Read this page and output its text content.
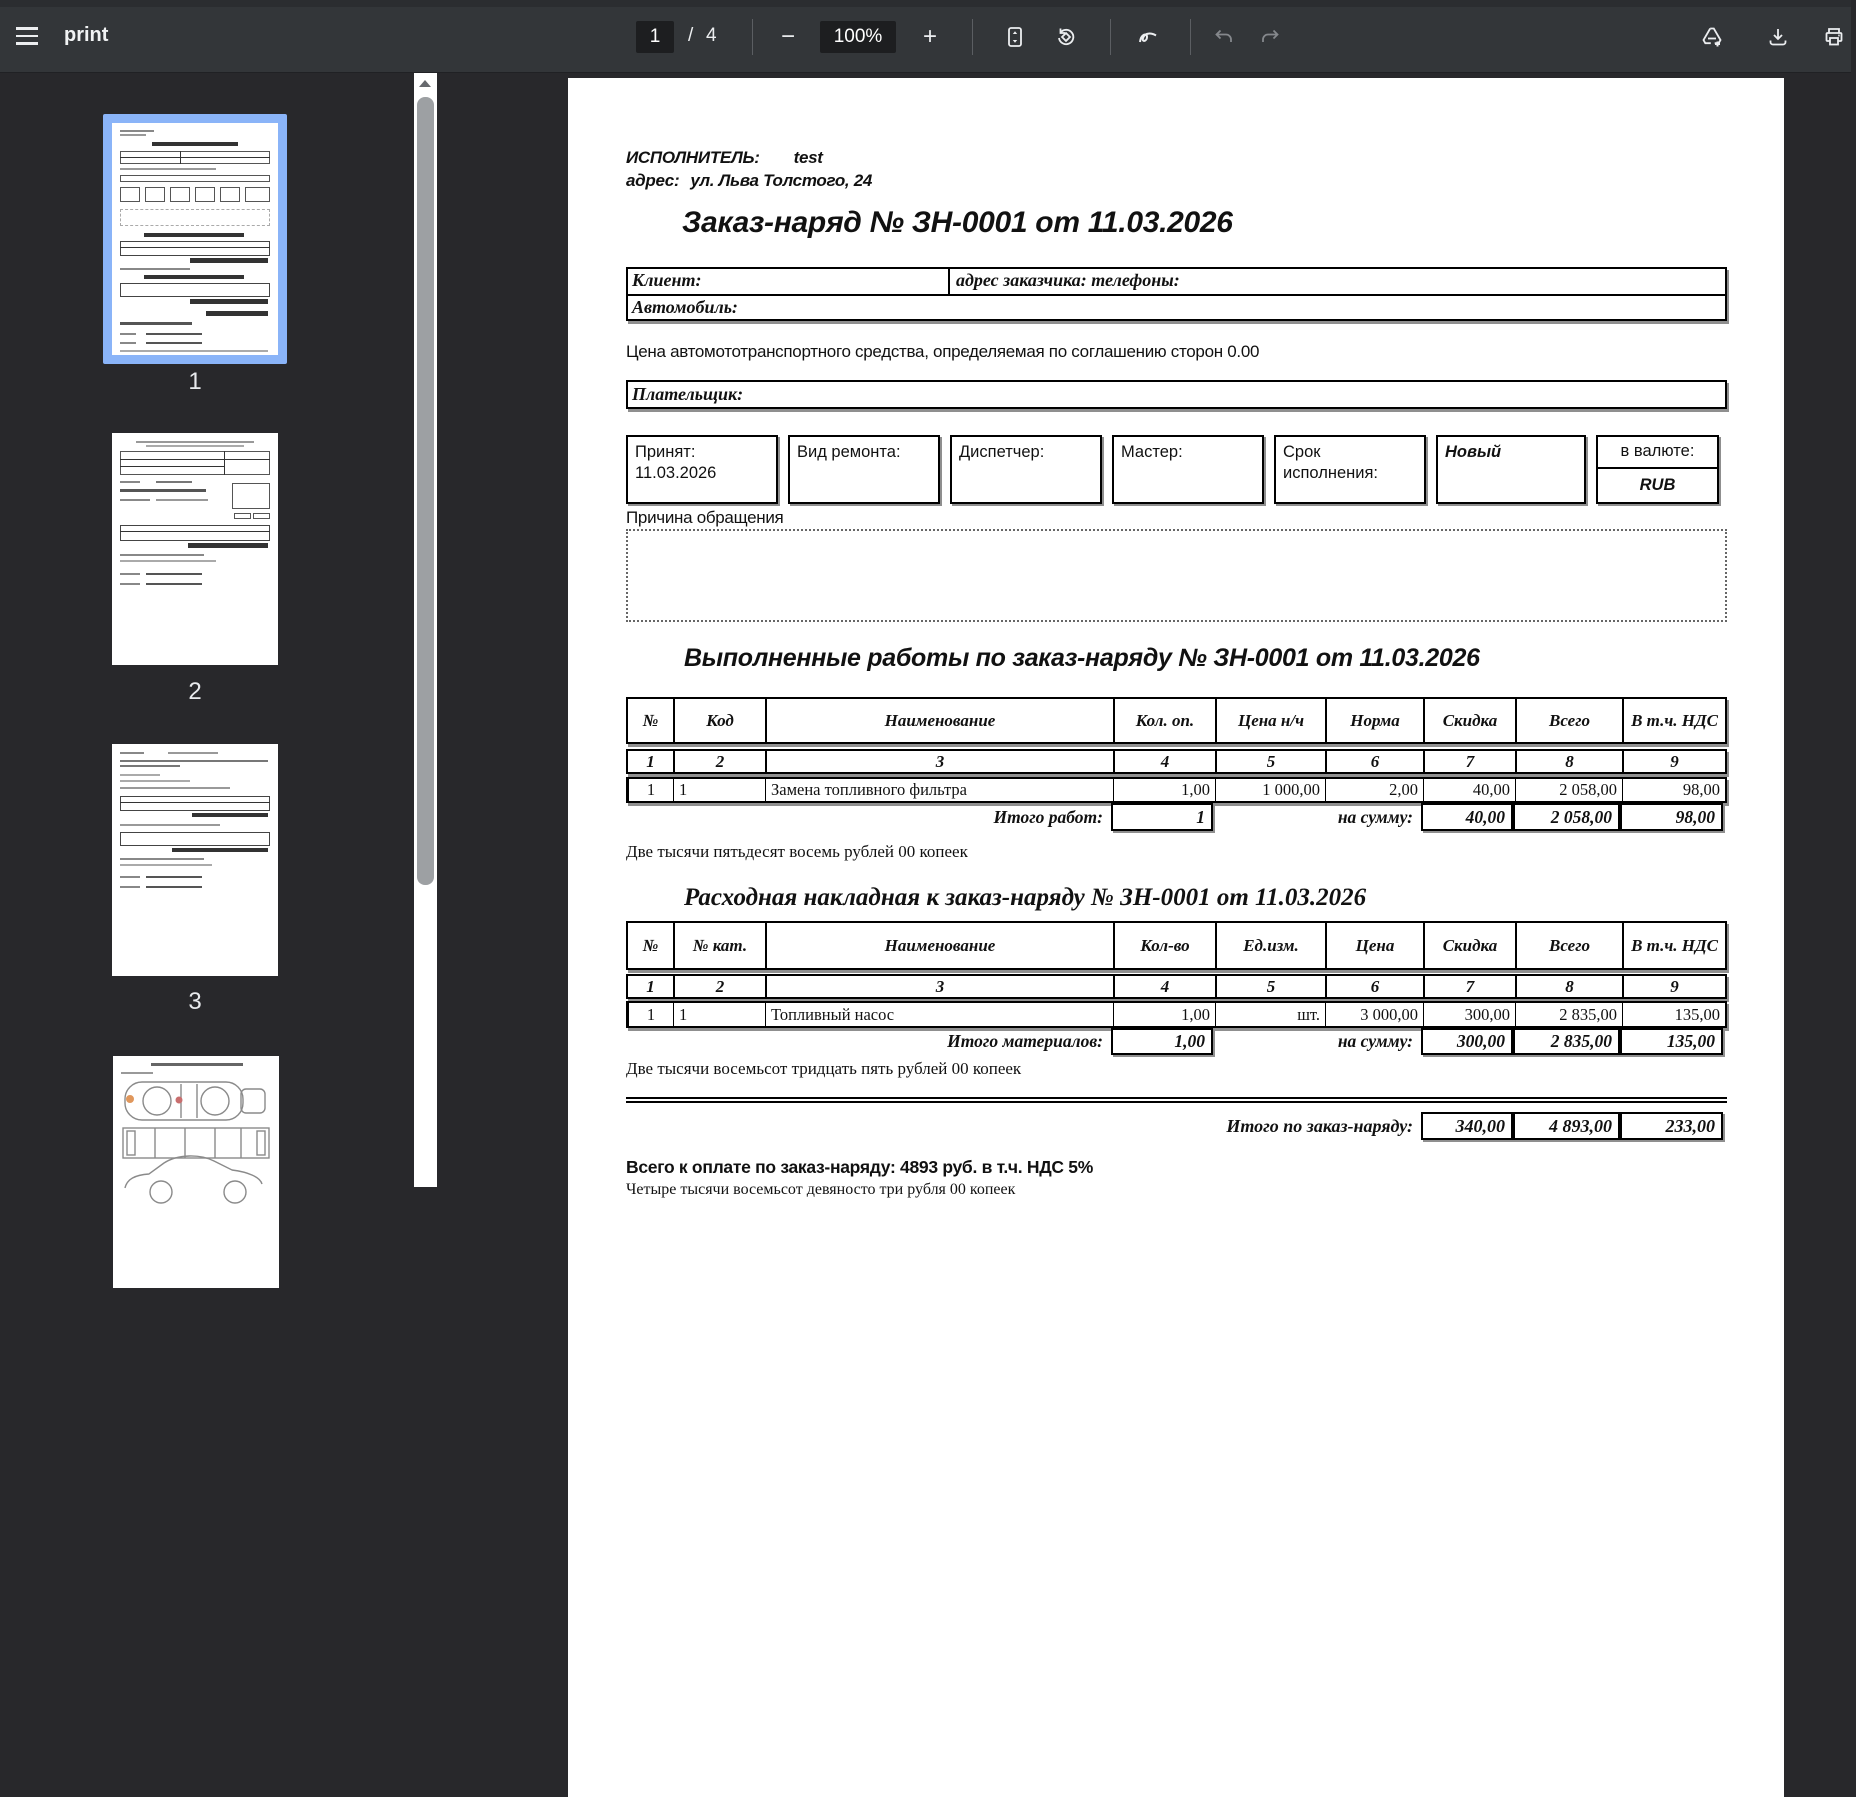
print
1	/ 4	−	100%	+
1
2
3
ИСПОЛНИТЕЛЬ: test
адрес: ул. Льва Толстого, 24
Заказ-наряд № ЗН-0001 от 11.03.2026
Клиент:	адрес заказчика: телефоны:
Автомобиль:
Цена автомототранспортного средства, определяемая по соглашению сторон 0.00
Плательщик:
Принят:
11.03.2026
Вид ремонта:	Диспетчер:	Мастер:	Срок исполнения:
Новый	в валюте:
RUB
Причина обращения
Выполненные работы по заказ-наряду № ЗН-0001 от 11.03.2026
№	Код	Наименование	Кол. оп.	Цена н/ч	Норма	Скидка	Всего	В т.ч. НДС
1	2	3	4	5	6	7	8	9
1	1	Замена топливного фильтра	1,00	1 000,00	2,00	40,00	2 058,00	98,00
Итого работ:	1	на сумму:	40,00	2 058,00	98,00
Две тысячи пятьдесят восемь рублей 00 копеек
Расходная накладная к заказ-наряду № ЗН-0001 от 11.03.2026
№	№ кат.	Наименование	Кол-во	Ед.изм.	Цена	Скидка	Всего	В т.ч. НДС
1	2	3	4	5	6	7	8	9
1	1	Топливный насос	1,00	шт.	3 000,00	300,00	2 835,00	135,00
Итого материалов:	1,00	на сумму:	300,00	2 835,00	135,00
Две тысячи восемьсот тридцать пять рублей 00 копеек
Итого по заказ-наряду:	340,00	4 893,00	233,00
Всего к оплате по заказ-наряду: 4893 руб. в т.ч. НДС 5%
Четыре тысячи восемьсот девяносто три рубля 00 копеек
